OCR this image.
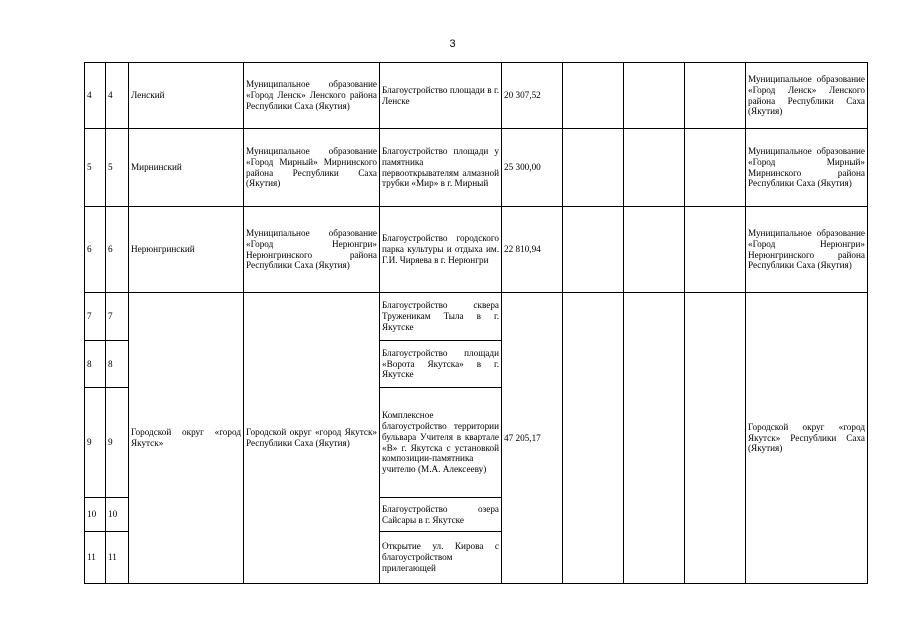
3
4	4	Ленский	Муниципальное образование «Город Ленск» Ленского района Республики Саха (Якутия)	Благоустройство площади в г. Ленске	20 307,52				Муниципальное образование «Город Ленск» Ленского района Республики Саха (Якутия)
5	5	Мирнинский	Муниципальное образование «Город Мирный» Мирнинского района Республики Саха (Якутия)	Благоустройство площади у памятника первооткрывателям алмазной трубки «Мир» в г. Мирный	25 300,00				Муниципальное образование «Город Мирный» Мирнинского района Республики Саха (Якутия)
6	6	Нерюнгринский	Муниципальное образование «Город Нерюнгри» Нерюнгринского района Республики Саха (Якутия)	Благоустройство городского парка культуры и отдыха им. Г.И. Чиряева в г. Нерюнгри	22 810,94				Муниципальное образование «Город Нерюнгри» Нерюнгринского района Республики Саха (Якутия)
7	7	Городской округ «город Якутск»	Городской округ «город Якутск» Республики Саха (Якутия)	Благоустройство сквера Труженикам Тыла в г. Якутске	47 205,17				Городской округ «город Якутск» Республики Саха (Якутия)
8	8			Благоустройство площади «Ворота Якутска» в г. Якутске					
9	9			Комплексное благоустройство территории бульвара Учителя в квартале «В» г. Якутска с установкой композиции-памятника учителю (М.А. Алексееву)					
10	10			Благоустройство озера Сайсары в г. Якутске					
11	11			Открытие ул. Кирова с благоустройством прилегающей					
